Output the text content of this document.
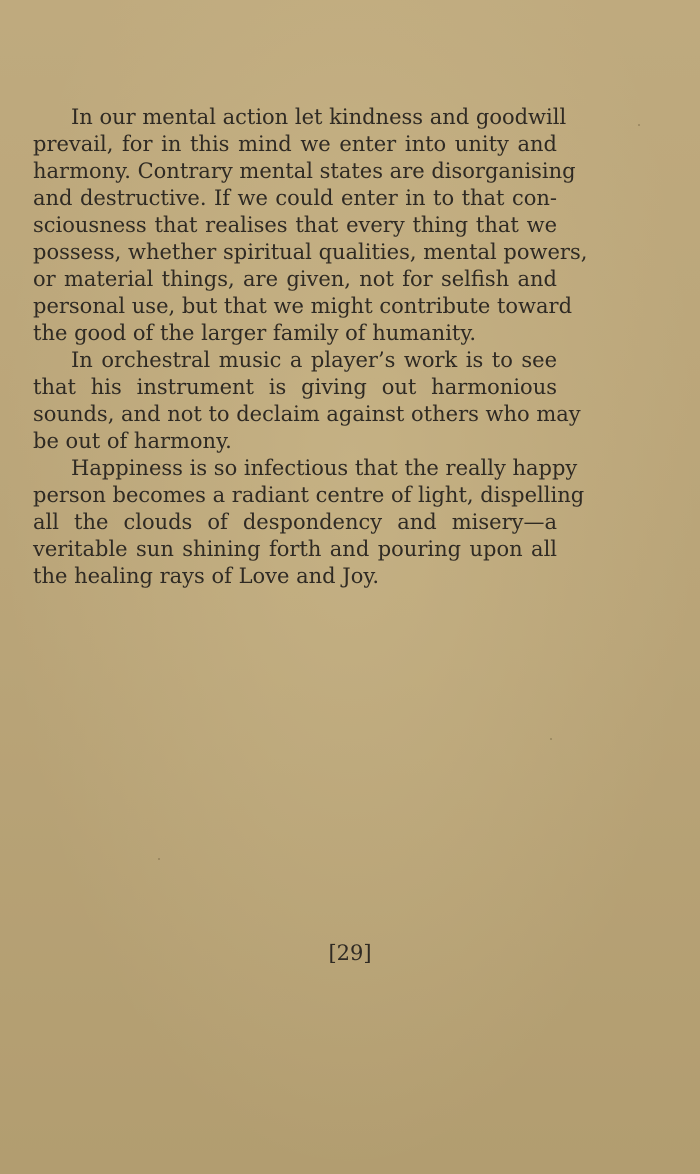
In our mental action let kindness and goodwill
prevail, for in this mind we enter into unity and
harmony. Contrary mental states are disorganising
and destructive. If we could enter in to that con-
sciousness that realises that every thing that we
possess, whether spiritual qualities, mental powers,
or material things, are given, not for selfish and
personal use, but that we might contribute toward
the good of the larger family of humanity.
In orchestral music a player’s work is to see
that his instrument is giving out harmonious
sounds, and not to declaim against others who may
be out of harmony.
Happiness is so infectious that the really happy
person becomes a radiant centre of light, dispelling
all the clouds of despondency and misery—a
veritable sun shining forth and pouring upon all
the healing rays of Love and Joy.
[29]
